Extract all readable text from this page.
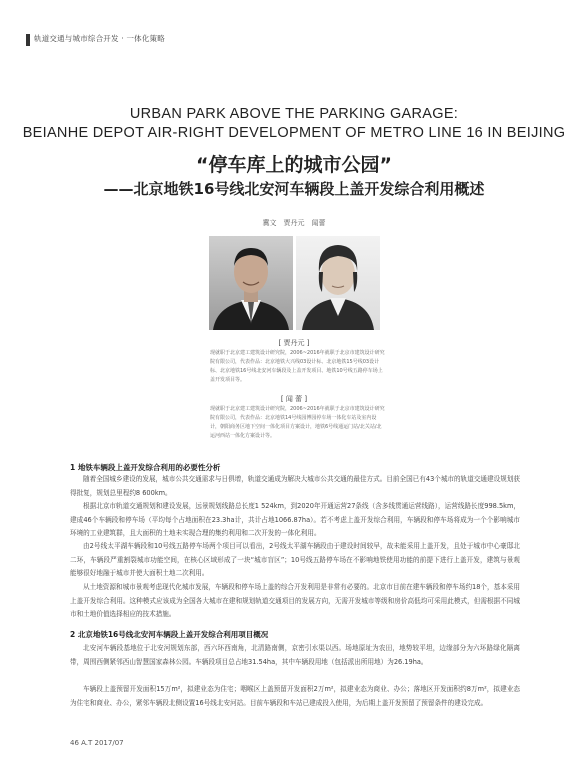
轨道交通与城市综合开发 · 一体化策略
URBAN PARK ABOVE THE PARKING GARAGE:
BEIANHE DEPOT AIR-RIGHT DEVELOPMENT OF METRO LINE 16 IN BEIJING
“停车库上的城市公园”
——北京地铁16号线北安河车辆段上盖开发综合利用概述
冀文　贾丹元　闻蕾
[ 贾丹元 ]
现就职于北京建工建筑设计研究院，2006~2016年就职于北京市建筑设计研究院有限公司，代表作品：北京地铁大兴线03设计标、北京地铁15号线03设计标、北京地铁16号线北安河车辆段及上盖开发项目、地铁10号线五路停车场上盖开发项目等。
[ 闻 蕾 ]
现就职于北京建工建筑设计研究院，2006~2016年就职于北京市建筑设计研究院有限公司，代表作品：北京地铁14号线园博园停车场一体化车站及室内设计，朝阳商务区地下空间一体化项目方案设计，地铁6号线通运门站/北关站/北运河西站一体化方案设计等。
1 地铁车辆段上盖开发综合利用的必要性分析

随着全国城乡建设的发展，城市公共交通需求与日俱增，轨道交通成为解决大城市公共交通的最佳方式。目前全国已有43个城市的轨道交通建设规划获得批复，规划总里程约8 600km。

根据北京市轨道交通规划和建设发展，远景规划线路总长度1 524km，到2020年开通运营27条线（含多线贯通运营线路），运营线路长度998.5km，建成46个车辆段和停车场（平均每个占地面积在23.3ha计，共计占地1066.87ha）。若不考虑上盖开发综合利用，车辆段和停车场将成为一个个影响城市环境的工业建筑群，且大面积的土地未实现合理的集约利用和二次开发的一体化利用。

由2号线太平湖车辆段和10号线五路停车场两个项目可以看出，2号线太平湖车辆段由于建设时间较早，故未能采用上盖开发，且处于城市中心豪邸北二环，车辆段严重割裂城市功能空间，在核心区域形成了一块“城市盲区”；10号线五路停车场在不影响地铁使用功能的前提下进行上盖开发，建筑与景观能够很好地融于城市并使大面积土地二次利用。

从土地资源和城市景观考虑现代化城市发展，车辆段和停车场上盖的综合开发利用是非常有必要的。北京市目前在建车辆段和停车场约18个，基本采用上盖开发综合利用。这种模式应该成为全国各大城市在建和规划轨道交通项目的发展方向，无需开发城市等级和房价高低均可采用此模式，但需根据不同城市和土地价值选择相应的技术措施。

2 北京地铁16号线北安河车辆段上盖开发综合利用项目概况

北安河车辆段基地位于北安河规划东部，西六环西南角，北清路南侧，京密引水渠以西。场地原址为农田，地势较平坦，边缘部分为六环路绿化隔离带，周围西侧紧邻西山智慧国家森林公园。车辆段项目总占地31.54ha，其中车辆段用地（包括派出所用地）为26.19ha。

车辆段上盖预留开发面积15万m²，拟建业态为住宅；咽喉区上盖预留开发面积2万m²，拟建业态为商业、办公；落地区开发面积约8万m²，拟建业态为住宅和商业、办公，紧邻车辆段北侧设置16号线北安河站。目前车辆段和车站已建成投入使用，为后期上盖开发预留了预留条件的建设完成。

46 A.T 2017/07
